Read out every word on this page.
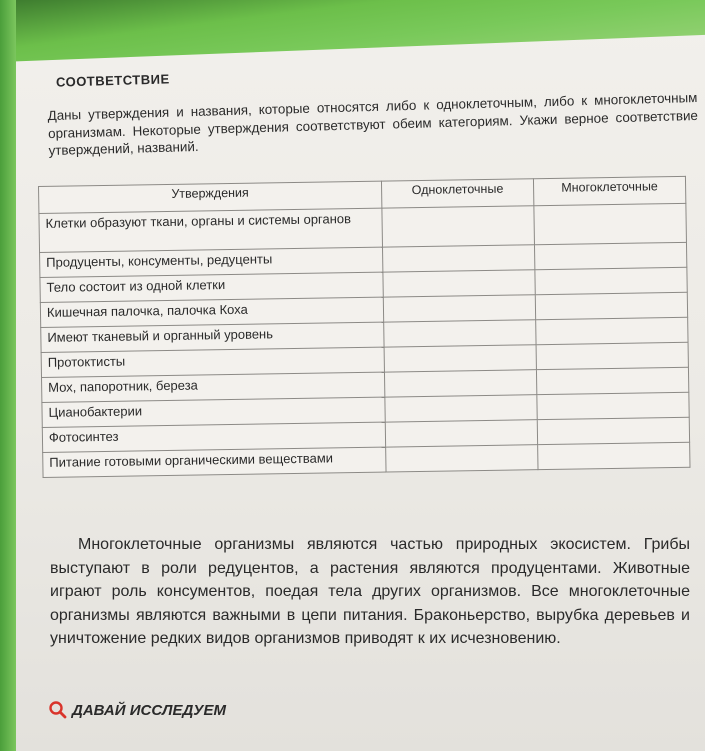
СООТВЕТСТВИЕ
Даны утверждения и названия, которые относятся либо к одноклеточным, либо к многоклеточным организмам. Некоторые утверждения соответствуют обеим категориям. Укажи верное соответствие утверждений, названий.
Утверждения	Одноклеточные	Многоклеточные
Клетки образуют ткани, органы и системы органов		
Продуценты, консументы, редуценты		
Тело состоит из одной клетки		
Кишечная палочка, палочка Коха		
Имеют тканевый и органный уровень		
Протоктисты		
Мох, папоротник, береза		
Цианобактерии		
Фотосинтез		
Питание готовыми органическими веществами		

Многоклеточные организмы являются частью природных экосистем. Грибы выступают в роли редуцентов, а растения являются продуцентами. Животные играют роль консументов, поедая тела других организмов. Все многоклеточные организмы являются важными в цепи питания. Браконьерство, вырубка деревьев и уничтожение редких видов организмов приводят к их исчезновению.

ДАВАЙ ИССЛЕДУЕМ
